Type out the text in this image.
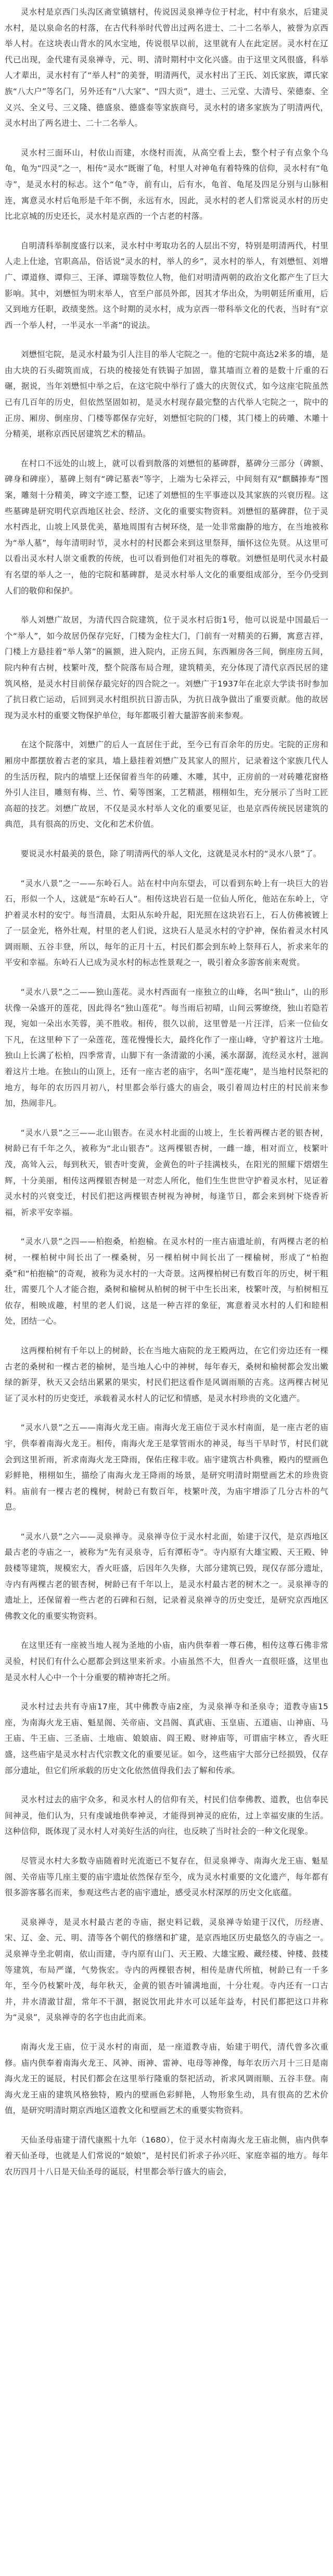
灵水村是京西门头沟区斋堂镇辖村，传说因灵泉禅寺位于村北，村中有泉水，后建灵水村，是以泉命名的村落，在古代科举时代曾出过两名进士、二十二名举人，被誉为京西举人村。在这块表山背水的风水宝地，传说很早以前，这里就有人在此定居。灵水村在辽代已出现，金代建有灵泉禅寺，元、明、清时期村中文化兴盛。由于这里文风很盛，科举人才辈出，灵水村有了“举人村”的美誉，明清两代，灵水村出了王氏、刘氏家族，谭氏家族“八大户”等名门，另外还有“八大家”、“四大贡”，进士、三元堂、大清号、荣德泰、全义兴、全义号、三义隆、德盛泉、德盛泰等家族商号，灵水村的诸多家族为了明清两代，灵水村出了两名进士、二十二名举人。

灵水村三面环山，村依山而建，水绕村而流，从高空看上去，整个村子有点象个乌龟，龟为“四灵”之一，相传“灵水”既谢了龟，村里人对神龟有着特殊的信仰，灵水村有“龟寺”，是灵水村的标志。这个“龟”寺，前有山，后有水，龟首、龟尾及四足分别与山脉相连，寓意灵水村后龟形是千年不倒，永远有水，因此，灵水村的老人们常说灵水村的历史比北京城的历史还长，灵水村是京西的一个古老的村落。

自明清科举制度盛行以来，灵水村中考取功名的人层出不穷，特别是明清两代，村里人走上仕途，官职高品，俗话说“灵水的村，举人的乡”，灵水村的举人，有刘懋恒、刘增广、谭道修、谭仰三、王泽、谭瑞等数位人物，他们对明清两朝的政治文化都产生了巨大影响。其中，刘懋恒为明末举人，官至户部员外郎，因其才华出众，为明朝廷所重用，后又到地方任职，政绩斐然。这个时期的灵水村，成为京西一带科举文化的代表，当时有“京西一个举人村，一半灵水一半斋”的说法。

刘懋恒宅院，是灵水村最为引人注目的举人宅院之一。他的宅院中高达2米多的墙，是由大块的石头砌筑而成，石块的棱接处有铁锔子加固，靠其墙而立着的是数十斤重的石碾，据说，当年刘懋恒中举之后，在这宅院中举行了盛大的庆贺仪式，如今这座宅院虽然已有几百年的历史，但依然坚固如初，是灵水村现存最完整的古代举人宅院之一，院中的正房、厢房、倒座房、门楼等都保存完好，刘懋恒宅院的门楼，其门楼上的砖雕、木雕十分精美，堪称京西民居建筑艺术的精品。

在村口不远处的山坡上，就可以看到散落的刘懋恒的墓碑群，墓碑分三部分（碑额、碑身和碑座），墓碑上刻有“碑记墓表”等字，上端为七朵祥云，中间刻有双“麒麟捧寿”图案，雕刻十分精美，碑文字迹工整，记述了刘懋恒的生平事迹以及其家族的兴衰历程。这些墓碑是研究明代京西地区社会、经济、文化的重要实物资料。刘懋恒的墓碑群，位于灵水村西北，山坡上风景优美，墓地周围有古树环绕，是一处非常幽静的地方，在当地被称为“举人墓”，每年清明时节，灵水村的村民都会来到这里祭拜，缅怀这位先贤。从这里可以看出灵水村人崇文重教的传统，也可以看到他们对祖先的尊敬。刘懋恒是明代灵水村最有名望的举人之一，他的宅院和墓碑群，是灵水村举人文化的重要组成部分，至今仍受到人们的敬仰和保护。

举人刘懋广故居，为清代四合院建筑，位于灵水村后街1号，他可以说是中国最后一个“举人”，如今故居仍保存完好，门楼为金柱大门，门前有一对精美的石狮，寓意吉祥，门楼上方悬挂着“举人第”的匾额，进入院内，正房五间，东西厢房各三间，倒座房五间，院内种有古树，枝繁叶茂，整个院落布局合理，建筑精美，充分体现了清代京西民居的建筑风格，是灵水村目前保存最完好的四合院之一。刘懋广于1937年在北京大学读书时参加了抗日救亡运动，后回到灵水村组织抗日游击队，为抗日战争做出了重要贡献。他的故居现为灵水村的重要文物保护单位，每年都吸引着大量游客前来参观。

在这个院落中，刘懋广的后人一直居住于此，至今已有百余年的历史。宅院的正房和厢房中都摆放着古老的家具，墙上悬挂着刘懋广及其家人的照片，记录着这个家族几代人的生活历程，院内的墙壁上还保留着当年的砖雕、木雕，其中，正房前的一对砖雕花窗格外引人注目，雕刻有梅、兰、竹、菊等图案，工艺精湛，栩栩如生，充分展示了当时工匠高超的技艺。刘懋广故居，不仅是灵水村举人文化的重要见证，也是京西传统民居建筑的典范，具有很高的历史、文化和艺术价值。

要说灵水村最美的景色，除了明清两代的举人文化，这就是灵水村的“灵水八景”了。

“灵水八景”之一——东岭石人。站在村中向东望去，可以看到东岭上有一块巨大的岩石，形似一个人，这就是“东岭石人”。相传这块岩石是一位仙人所化，他站在东岭上，守护着灵水村的安宁。每当清晨，太阳从东岭升起，阳光照在这块岩石上，石人仿佛被镀上了一层金光，格外壮观，村里的老人们说，这块石人是灵水村的守护神，保佑着灵水村风调雨顺、五谷丰登，所以，每年的正月十五，村民们都会到东岭上祭拜石人，祈求来年的平安和幸福。东岭石人已成为灵水村的标志性景观之一，吸引着众多游客前来观赏。

“灵水八景”之二——独山莲花。灵水村西面有一座独立的山峰，名叫“独山”，山的形状像一朵盛开的莲花，因此得名“独山莲花”。每当雨后初晴，山间云雾缭绕，独山若隐若现，宛如一朵出水芙蓉，美不胜收。相传，很久以前，这里曾是一片汪洋，后来一位仙女下凡，在这里种下了一朵莲花，莲花慢慢长大，最终化作了一座山峰，守护着这片土地。独山上长满了松柏，四季常青，山脚下有一条清澈的小溪，溪水潺潺，流经灵水村，滋润着这片土地。在独山的山顶上，还有一座古老的庙宇，名叫“莲花庵”，是当地村民祭祀的地方，每年的农历四月初八，村里都会举行盛大的庙会，吸引着周边村庄的村民前来参加，热闹非凡。

“灵水八景”之三——北山银杏。在灵水村北面的山坡上，生长着两棵古老的银杏树，树龄已有千年之久，被称为“北山银杏”。这两棵银杏树，一雌一雄，相对而立，枝繁叶茂，高耸入云，每到秋天，银杏叶变黄，金黄色的叶子挂满枝头，在阳光的照耀下熠熠生辉，十分美丽，相传这两棵银杏树是一对恋人所化，他们生生世世守护着灵水村，见证着灵水村的兴衰变迁，村民们把这两棵银杏树视为神树，每逢节日，都会来到树下烧香祈福，祈求平安幸福。

“灵水八景”之四——柏抱桑，柏抱榆。在灵水村的一座古庙遗址前，有两棵古老的柏树，一棵柏树中间长出了一棵桑树，另一棵柏树中间长出了一棵榆树，形成了“柏抱桑”和“柏抱榆”的奇观，被称为灵水村的一大奇景。这两棵柏树已有数百年的历史，树干粗壮，需要几个人才能合抱，桑树和榆树从柏树的树干中生长出来，枝繁叶茂，与柏树相互依存，相映成趣，村里的老人们说，这是一种吉祥的象征，寓意着灵水村的人们和睦相处，团结一心。

这两棵柏树有千年以上的树龄，长在当地大庙院的龙王殿两边，在它们旁边还有一棵古老的桑树和一棵古老的榆树，是当地人心中的神树，每年春天，桑树和榆树都会发出嫩绿的新芽，秋天又会结出累累的果实，村民们把这看作是风调雨顺的吉兆。这两棵古树见证了灵水村的历史变迁，承载着灵水村人的记忆和情感，是灵水村珍贵的文化遗产。

“灵水八景”之五——南海火龙王庙。南海火龙王庙位于灵水村南面，是一座古老的庙宇，供奉着南海火龙王。相传，南海火龙王是掌管雨水的神灵，每当干旱时节，村民们就会到这里祈雨，祈求南海火龙王降雨，保佑庄稼丰收。庙宇建筑古朴典雅，殿内的壁画色彩鲜艳，栩栩如生，描绘了南海火龙王降雨的场景，是研究明清时期壁画艺术的珍贵资料。庙前有一棵古老的槐树，树龄已有数百年，枝繁叶茂，为庙宇增添了几分古朴的气息。

“灵水八景”之六——灵泉禅寺。灵泉禅寺位于灵水村北面，始建于汉代，是京西地区最古老的寺庙之一，被称为“先有灵泉寺，后有潭柘寺”。寺内原有大雄宝殿、天王殿、钟鼓楼等建筑，规模宏大，香火旺盛，后因年久失修，大部分建筑已毁，现仅存部分遗址，寺内有两棵古老的银杏树，树龄已有千年以上，是灵水村最古老的树木之一。灵泉禅寺的遗址上，还保留着一些古老的石碑和石刻，记录着灵泉禅寺的历史变迁，是研究京西地区佛教文化的重要实物资料。

在这里还有一座被当地人视为圣地的小庙，庙内供奉着一尊石佛，相传这尊石佛非常灵验，村民们有什么心愿都会到这里来祈求。小庙虽然不大，但香火一直很旺盛，这里也是灵水村人心中一个十分重要的精神寄托之所。

灵水村过去共有寺庙17座，其中佛教寺庙2座，为灵泉禅寺和圣泉寺；道教寺庙15座，为南海火龙王庙、魁星阁、关帝庙、文昌阁、真武庙、玉皇庙、五道庙、山神庙、马王庙、牛王庙、三圣庙、土地庙、娘娘庙、阎王殿、财神庙等，可谓庙宇林立，香火旺盛，这些庙宇是灵水村古代宗教文化的重要见证。如今，这些庙宇大部分已经损毁，仅存部分遗址，但它们所承载的历史文化依然值得我们去了解和传承。

灵水村过去的庙宇众多，和灵水村人的信仰有关，村民们信奉佛教、道教，也信奉民间神灵，他们认为，只有虔诚地供奉神灵，才能得到神灵的庇佑，过上幸福安康的生活。这种信仰，既体现了灵水村人对美好生活的向往，也反映了当时社会的一种文化现象。

尽管灵水村大多数寺庙随着时光流逝已不复存在，但灵泉禅寺、南海火龙王庙、魁星阁、关帝庙等几座主要的庙宇遗址依然保存至今，成为灵水村重要的文化遗产，每年都有很多游客慕名而来，参观这些古老的庙宇遗址，感受灵水村深厚的历史文化底蕴。

灵泉禅寺，是灵水村最古老的寺庙，据史料记载，灵泉禅寺始建于汉代，历经唐、宋、辽、金、元、明、清等各个朝代的修缮和扩建，是京西地区历史最悠久的寺庙之一。灵泉禅寺坐北朝南，依山而建，寺内原有山门、天王殿、大雄宝殿、藏经楼、钟楼、鼓楼等建筑，布局严谨，气势恢宏。寺内的两棵银杏树，相传是唐代所植，树龄已有一千多年，至今仍枝繁叶茂，每年秋天，金黄的银杏叶铺满地面，十分壮观。寺内还有一口古井，井水清澈甘甜，常年不干涸，据说饮用此井水可以延年益寿，村民们都把这口井称为“灵泉”，灵泉禅寺的名字也由此而来。

南海火龙王庙，位于灵水村的南面，是一座道教寺庙，始建于明代，清代曾多次重修。庙内供奉着南海火龙王、风神、雨神、雷神、电母等神像，每年农历六月十三日是南海火龙王的诞辰，村民们都会在这里举行隆重的祭祀活动，祈求风调雨顺、五谷丰登。南海火龙王庙的建筑风格独特，殿内的壁画色彩鲜艳，人物形象生动，具有很高的艺术价值，是研究明清时期京西地区道教文化和壁画艺术的重要实物资料。

天仙圣母庙建于清代康熙十九年（1680），位于灵水村南海火龙王庙北侧，庙内供奉着天仙圣母，也就是人们常说的“娘娘”，是村民们祈求子孙兴旺、家庭幸福的地方。每年农历四月十八日是天仙圣母的诞辰，村里都会举行盛大的庙会，
